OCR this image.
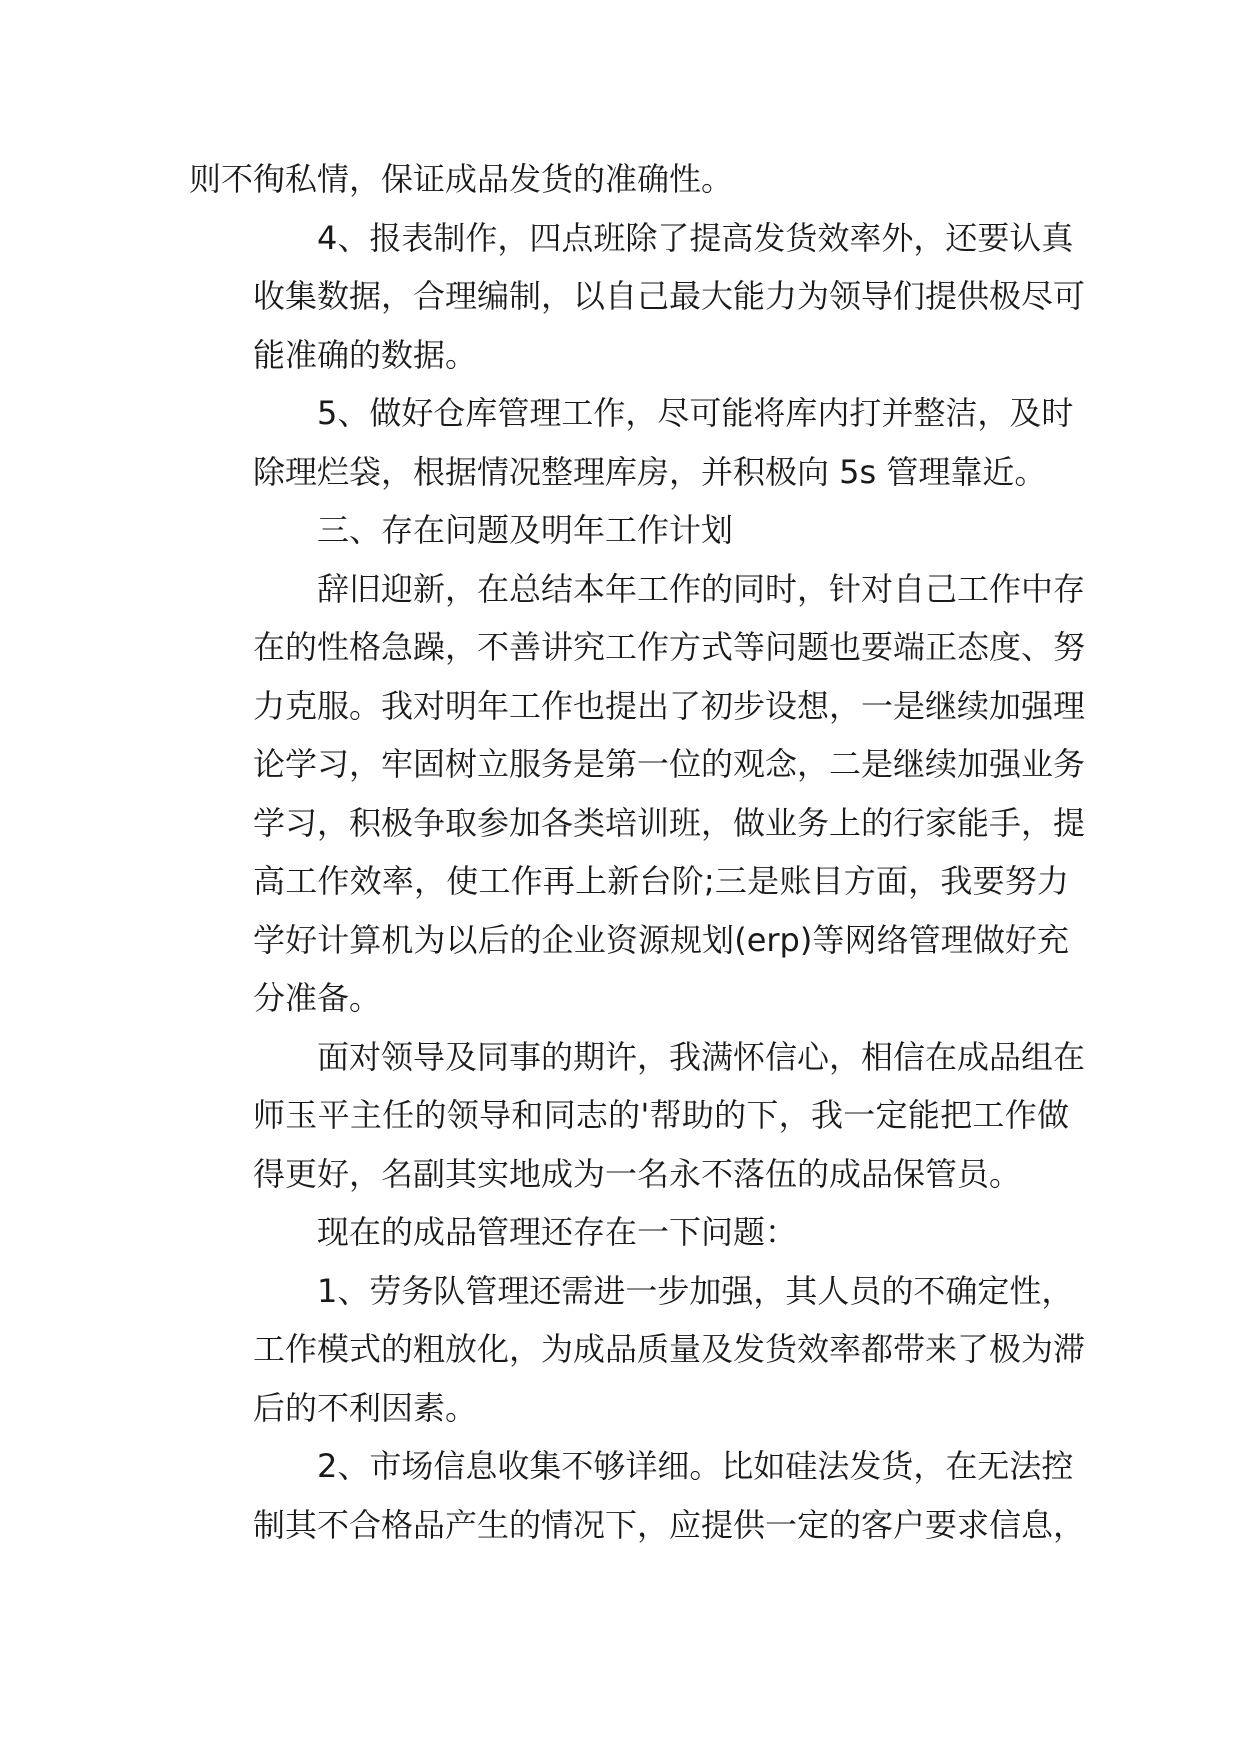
则不徇私情，保证成品发货的准确性。
4、报表制作，四点班除了提高发货效率外，还要认真
收集数据，合理编制，以自己最大能力为领导们提供极尽可
能准确的数据。
5、做好仓库管理工作，尽可能将库内打并整洁，及时
除理烂袋，根据情况整理库房，并积极向 5s 管理靠近。
三、存在问题及明年工作计划
辞旧迎新，在总结本年工作的同时，针对自己工作中存
在的性格急躁，不善讲究工作方式等问题也要端正态度、努
力克服。我对明年工作也提出了初步设想，一是继续加强理
论学习，牢固树立服务是第一位的观念，二是继续加强业务
学习，积极争取参加各类培训班，做业务上的行家能手，提
高工作效率，使工作再上新台阶;三是账目方面，我要努力
学好计算机为以后的企业资源规划(erp)等网络管理做好充
分准备。
面对领导及同事的期许，我满怀信心，相信在成品组在
师玉平主任的领导和同志的'帮助的下，我一定能把工作做
得更好，名副其实地成为一名永不落伍的成品保管员。
现在的成品管理还存在一下问题：
1、劳务队管理还需进一步加强，其人员的不确定性，
工作模式的粗放化，为成品质量及发货效率都带来了极为滞
后的不利因素。
2、市场信息收集不够详细。比如硅法发货，在无法控
制其不合格品产生的情况下，应提供一定的客户要求信息，
